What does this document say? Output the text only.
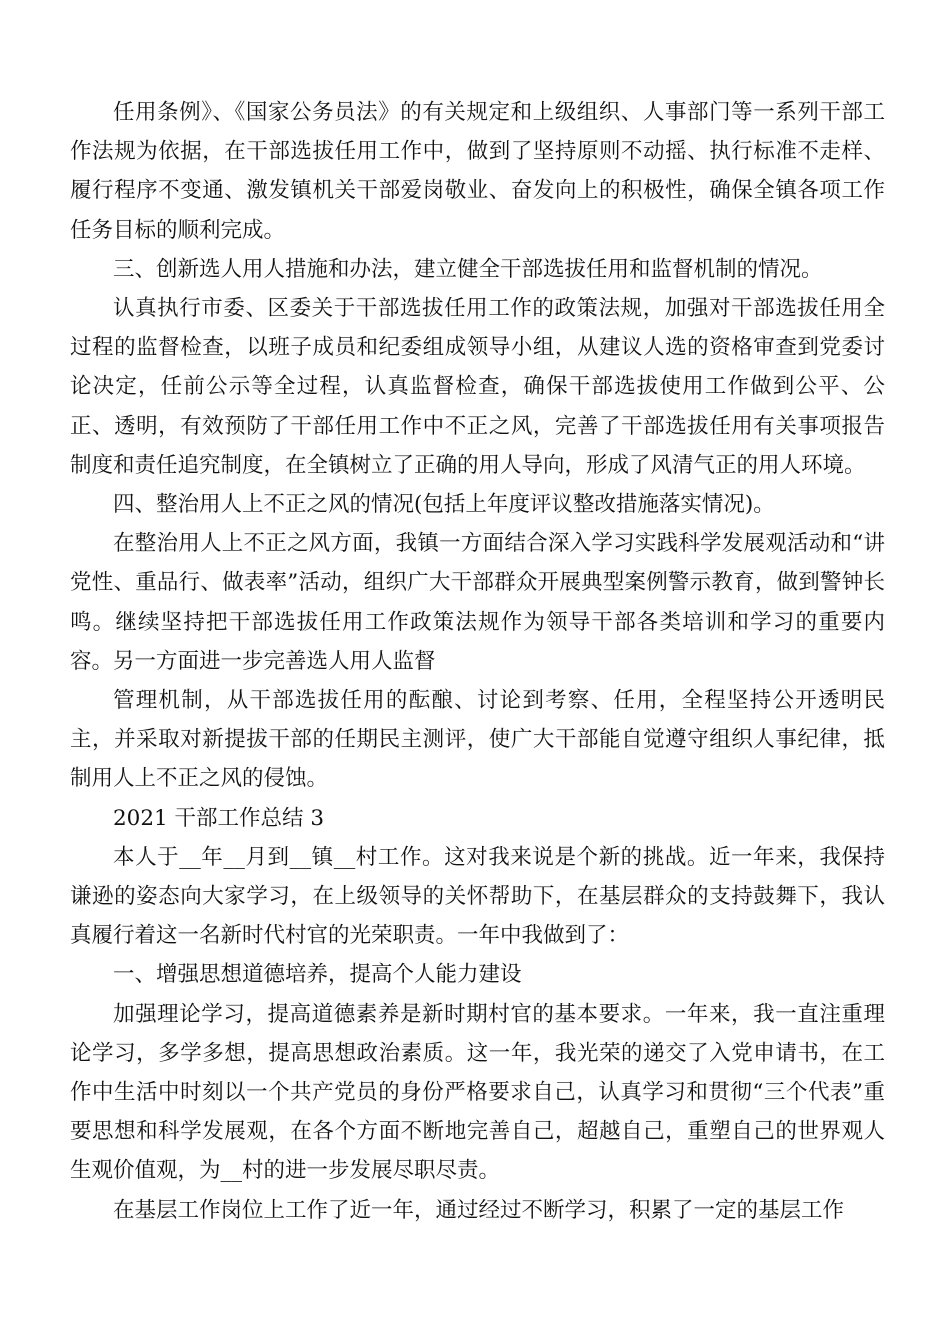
任用条例》、《国家公务员法》的有关规定和上级组织、人事部门等一系列干部工作法规为依据，在干部选拔任用工作中，做到了坚持原则不动摇、执行标准不走样、履行程序不变通、激发镇机关干部爱岗敬业、奋发向上的积极性，确保全镇各项工作任务目标的顺利完成。

三、创新选人用人措施和办法，建立健全干部选拔任用和监督机制的情况。

认真执行市委、区委关于干部选拔任用工作的政策法规，加强对干部选拔任用全过程的监督检查，以班子成员和纪委组成领导小组，从建议人选的资格审查到党委讨论决定，任前公示等全过程，认真监督检查，确保干部选拔使用工作做到公平、公正、透明，有效预防了干部任用工作中不正之风，完善了干部选拔任用有关事项报告制度和责任追究制度，在全镇树立了正确的用人导向，形成了风清气正的用人环境。

四、整治用人上不正之风的情况(包括上年度评议整改措施落实情况)。

在整治用人上不正之风方面，我镇一方面结合深入学习实践科学发展观活动和“讲党性、重品行、做表率”活动，组织广大干部群众开展典型案例警示教育，做到警钟长鸣。继续坚持把干部选拔任用工作政策法规作为领导干部各类培训和学习的重要内容。另一方面进一步完善选人用人监督

管理机制，从干部选拔任用的酝酿、讨论到考察、任用，全程坚持公开透明民主，并采取对新提拔干部的任期民主测评，使广大干部能自觉遵守组织人事纪律，抵制用人上不正之风的侵蚀。

2021 干部工作总结 3

本人于__年__月到__镇__村工作。这对我来说是个新的挑战。近一年来，我保持谦逊的姿态向大家学习，在上级领导的关怀帮助下，在基层群众的支持鼓舞下，我认真履行着这一名新时代村官的光荣职责。一年中我做到了：

一、增强思想道德培养，提高个人能力建设

加强理论学习，提高道德素养是新时期村官的基本要求。一年来，我一直注重理论学习，多学多想，提高思想政治素质。这一年，我光荣的递交了入党申请书，在工作中生活中时刻以一个共产党员的身份严格要求自己，认真学习和贯彻“三个代表”重要思想和科学发展观，在各个方面不断地完善自己，超越自己，重塑自己的世界观人生观价值观，为__村的进一步发展尽职尽责。

在基层工作岗位上工作了近一年，通过经过不断学习，积累了一定的基层工作
